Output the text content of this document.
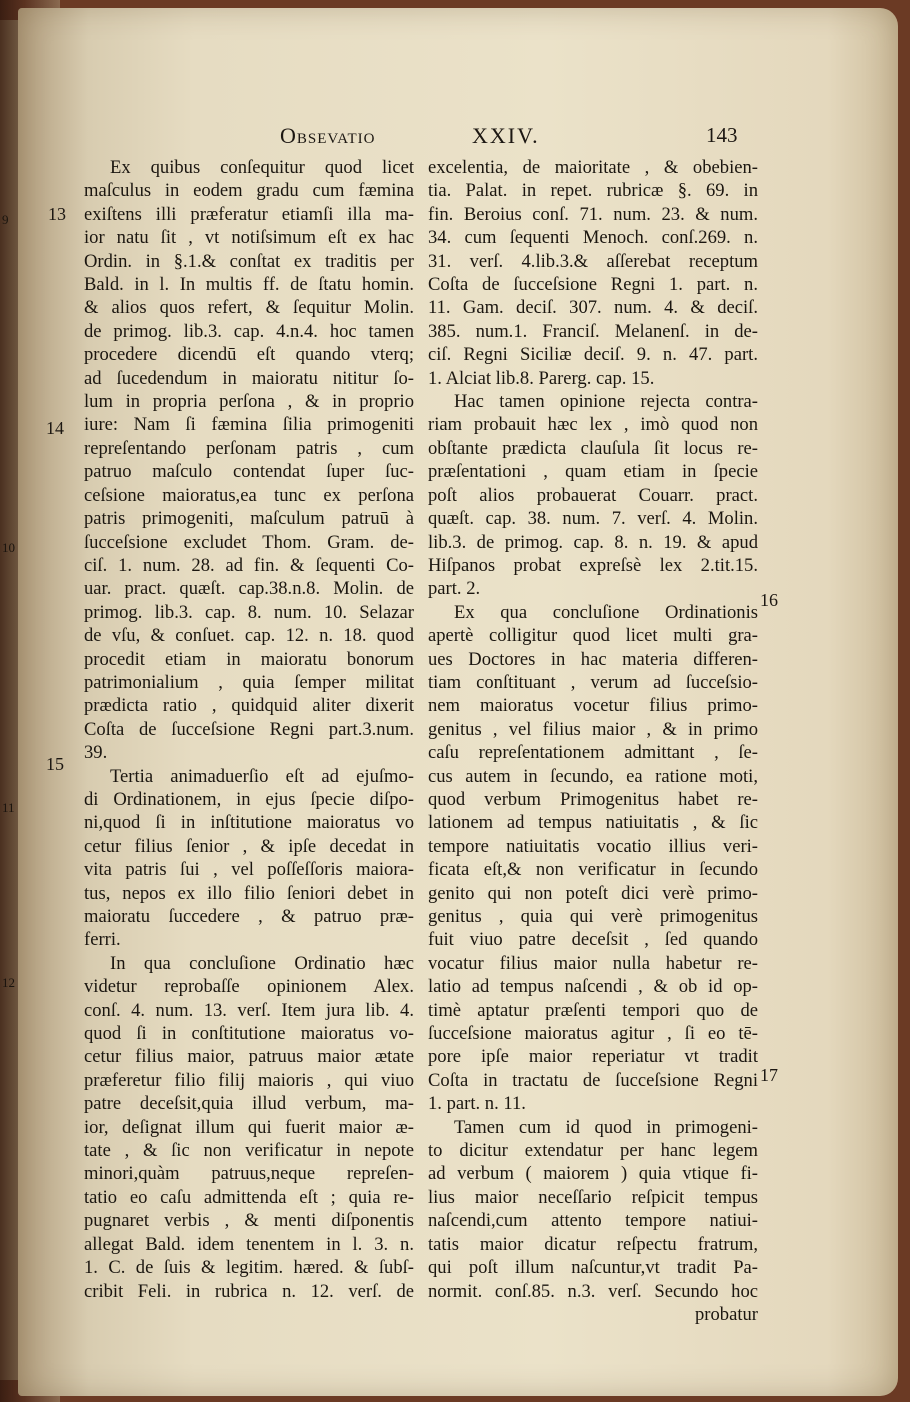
9
10
11
12
Obsevatio	XXIV.	143
13
14
15
16
17

Ex quibus conſequitur quod licet

maſculus in eodem gradu cum fæmina

exiſtens illi præferatur etiamſi illa ma-

ior natu ſit , vt notiſsimum eſt ex hac

Ordin. in §.1.& conſtat ex traditis per

Bald. in l. In multis ff. de ſtatu homin.

& alios quos refert, & ſequitur Molin.

de primog. lib.3. cap. 4.n.4. hoc tamen

procedere dicendū eſt quando vterq;

ad ſucedendum in maioratu nititur ſo-

lum in propria perſona , & in proprio

iure: Nam ſi fæmina ſilia primogeniti

repreſentando perſonam patris , cum

patruo maſculo contendat ſuper ſuc-

ceſsione maioratus,ea tunc ex perſona

patris primogeniti, maſculum patruū à

ſucceſsione excludet Thom. Gram. de-

ciſ. 1. num. 28. ad fin. & ſequenti Co-

uar. pract. quæſt. cap.38.n.8. Molin. de

primog. lib.3. cap. 8. num. 10. Selazar

de vſu, & conſuet. cap. 12. n. 18. quod

procedit etiam in maioratu bonorum

patrimonialium , quia ſemper militat

prædicta ratio , quidquid aliter dixerit

Coſta de ſucceſsione Regni part.3.num.

39.

Tertia animaduerſio eſt ad ejuſmo-

di Ordinationem, in ejus ſpecie diſpo-

ni,quod ſi in inſtitutione maioratus vo

cetur filius ſenior , & ipſe decedat in

vita patris ſui , vel poſſeſſoris maiora-

tus, nepos ex illo filio ſeniori debet in

maioratu ſuccedere , & patruo præ-

ferri.

In qua concluſione Ordinatio hæc

videtur reprobaſſe opinionem Alex.

conſ. 4. num. 13. verſ. Item jura lib. 4.

quod ſi in conſtitutione maioratus vo-

cetur filius maior, patruus maior ætate

præferetur filio filij maioris , qui viuo

patre deceſsit,quia illud verbum, ma-

ior, deſignat illum qui fuerit maior æ-

tate , & ſic non verificatur in nepote

minori,quàm patruus,neque repreſen-

tatio eo caſu admittenda eſt ; quia re-

pugnaret verbis , & menti diſponentis

allegat Bald. idem tenentem in l. 3. n.

1. C. de ſuis & legitim. hæred. & ſubſ-

cribit Feli. in rubrica n. 12. verſ. de

excelentia, de maioritate , & obebien-

tia. Palat. in repet. rubricæ §. 69. in

fin. Beroius conſ. 71. num. 23. & num.

34. cum ſequenti Menoch. conſ.269. n.

31. verſ. 4.lib.3.& aſſerebat receptum

Coſta de ſucceſsione Regni 1. part. n.

11. Gam. deciſ. 307. num. 4. & deciſ.

385. num.1. Franciſ. Melanenſ. in de-

ciſ. Regni Siciliæ deciſ. 9. n. 47. part.

1. Alciat lib.8. Parerg. cap. 15.

Hac tamen opinione rejecta contra-

riam probauit hæc lex , imò quod non

obſtante prædicta clauſula ſit locus re-

præſentationi , quam etiam in ſpecie

poſt alios probauerat Couarr. pract.

quæſt. cap. 38. num. 7. verſ. 4. Molin.

lib.3. de primog. cap. 8. n. 19. & apud

Hiſpanos probat expreſsè lex 2.tit.15.

part. 2.

Ex qua concluſione Ordinationis

apertè colligitur quod licet multi gra-

ues Doctores in hac materia differen-

tiam conſtituant , verum ad ſucceſsio-

nem maioratus vocetur filius primo-

genitus , vel filius maior , & in primo

caſu repreſentationem admittant , ſe-

cus autem in ſecundo, ea ratione moti,

quod verbum Primogenitus habet re-

lationem ad tempus natiuitatis , & ſic

tempore natiuitatis vocatio illius veri-

ficata eſt,& non verificatur in ſecundo

genito qui non poteſt dici verè primo-

genitus , quia qui verè primogenitus

fuit viuo patre deceſsit , ſed quando

vocatur filius maior nulla habetur re-

latio ad tempus naſcendi , & ob id op-

timè aptatur præſenti tempori quo de

ſucceſsione maioratus agitur , ſi eo tē-

pore ipſe maior reperiatur vt tradit

Coſta in tractatu de ſucceſsione Regni

1. part. n. 11.

Tamen cum id quod in primogeni-

to dicitur extendatur per hanc legem

ad verbum ( maiorem ) quia vtique fi-

lius maior neceſſario reſpicit tempus

naſcendi,cum attento tempore natiui-

tatis maior dicatur reſpectu fratrum,

qui poſt illum naſcuntur,vt tradit Pa-

normit. conſ.85. n.3. verſ. Secundo hoc

probatur
